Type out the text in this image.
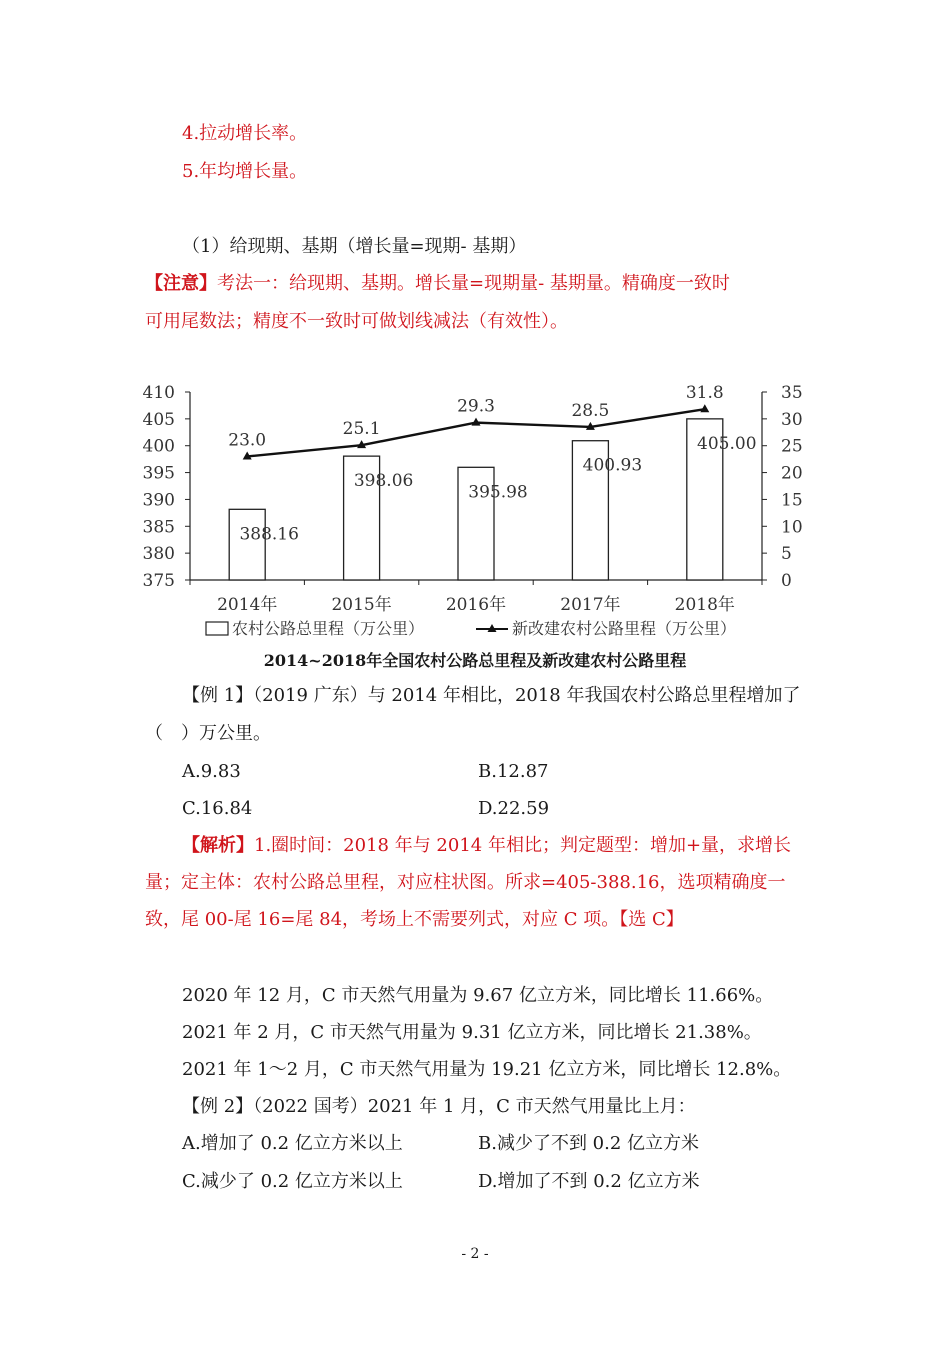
4.拉动增长率。
5.年均增长量。
（1）给现期、基期（增长量=现期- 基期）
【注意】考法一：给现期、基期。增长量=现期量- 基期量。精确度一致时
可用尾数法；精度不一致时可做划线减法（有效性）。
375
380
385
390
395
400
405
410
0
5
10
15
20
25
30
35
2014年	2015年	2016年	2017年	2018年
388.16
398.06
395.98
400.93
405.00
23.0
25.1
29.3	28.5
31.8
农村公路总里程（万公里）	新改建农村公路里程（万公里）
2014~2018年全国农村公路总里程及新改建农村公路里程
【例 1】（2019 广东）与 2014 年相比，2018 年我国农村公路总里程增加了
（　）万公里。
A.9.83	B.12.87
C.16.84	D.22.59
【解析】1.圈时间：2018 年与 2014 年相比；判定题型：增加+量，求增长
量；定主体：农村公路总里程，对应柱状图。所求=405-388.16，选项精确度一
致，尾 00-尾 16=尾 84，考场上不需要列式，对应 C 项。【选 C】
2020 年 12 月，C 市天然气用量为 9.67 亿立方米，同比增长 11.66%。
2021 年 2 月，C 市天然气用量为 9.31 亿立方米，同比增长 21.38%。
2021 年 1～2 月，C 市天然气用量为 19.21 亿立方米，同比增长 12.8%。
【例 2】（2022 国考）2021 年 1 月，C 市天然气用量比上月：
A.增加了 0.2 亿立方米以上	B.减少了不到 0.2 亿立方米
C.减少了 0.2 亿立方米以上	D.增加了不到 0.2 亿立方米
- 2 -
